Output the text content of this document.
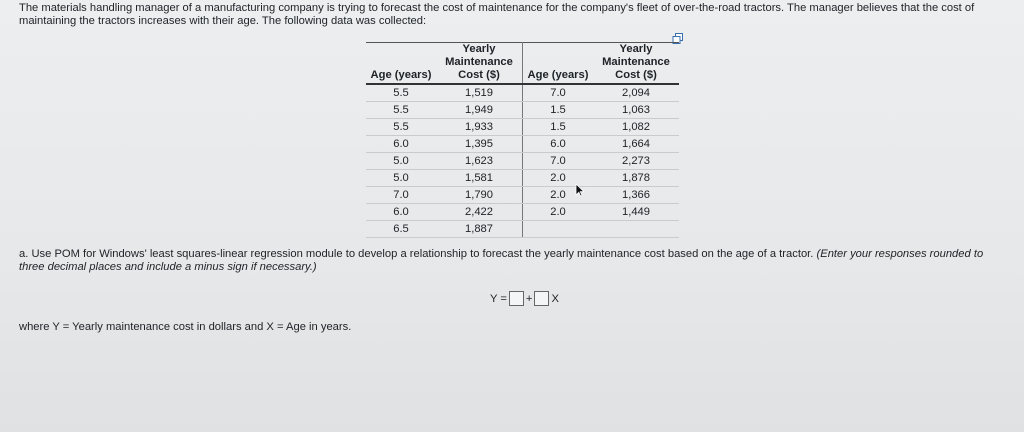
The materials handling manager of a manufacturing company is trying to forecast the cost of maintenance for the company's fleet of over-the-road tractors. The manager believes that the cost of maintaining the tractors increases with their age. The following data was collected:
Age (years)	Yearly Maintenance Cost ($)	Age (years)	Yearly Maintenance Cost ($)
5.5	1,519	7.0	2,094
5.5	1,949	1.5	1,063
5.5	1,933	1.5	1,082
6.0	1,395	6.0	1,664
5.0	1,623	7.0	2,273
5.0	1,581	2.0	1,878
7.0	1,790	2.0	1,366
6.0	2,422	2.0	1,449
6.5	1,887		
a. Use POM for Windows' least squares-linear regression module to develop a relationship to forecast the yearly maintenance cost based on the age of a tractor. (Enter your responses rounded to three decimal places and include a minus sign if necessary.)
Y = + X
where Y = Yearly maintenance cost in dollars and X = Age in years.
